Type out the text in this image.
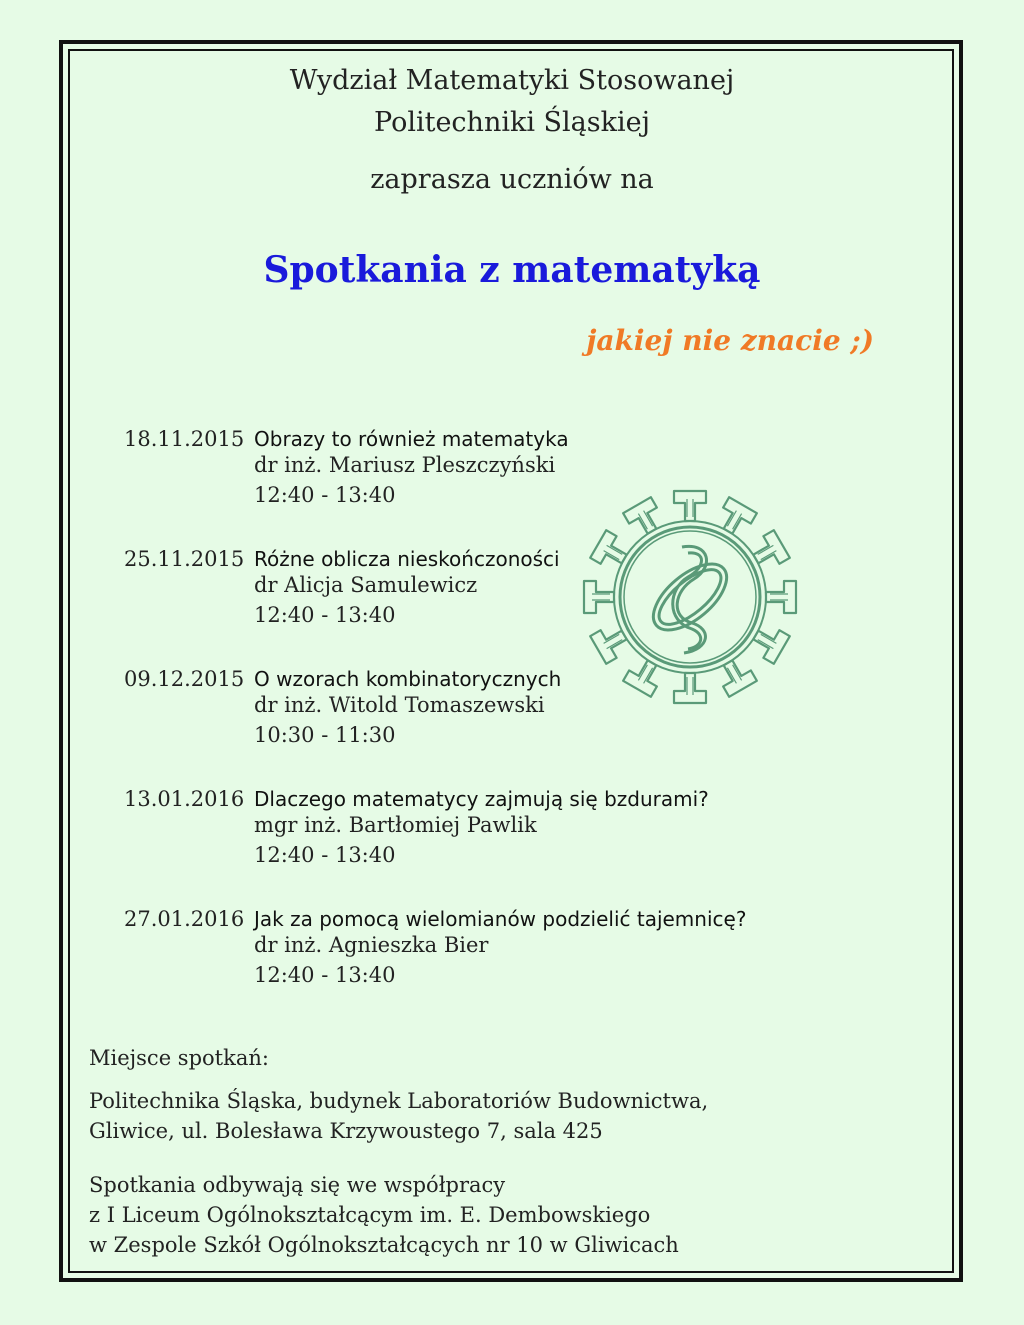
Wydział Matematyki Stosowanej
Politechniki Śląskiej
zaprasza uczniów na
Spotkania z matematyką
jakiej nie znacie ;)
18.11.2015 Obrazy to również matematyka
dr inż. Mariusz Pleszczyński
12:40 - 13:40
25.11.2015 Różne oblicza nieskończoności
dr Alicja Samulewicz
12:40 - 13:40
09.12.2015 O wzorach kombinatorycznych
dr inż. Witold Tomaszewski
10:30 - 11:30
13.01.2016 Dlaczego matematycy zajmują się bzdurami?
mgr inż. Bartłomiej Pawlik
12:40 - 13:40
27.01.2016 Jak za pomocą wielomianów podzielić tajemnicę?
dr inż. Agnieszka Bier
12:40 - 13:40
Miejsce spotkań:
Politechnika Śląska, budynek Laboratoriów Budownictwa,
Gliwice, ul. Bolesława Krzywoustego 7, sala 425
Spotkania odbywają się we współpracy
z I Liceum Ogólnokształcącym im. E. Dembowskiego
w Zespole Szkół Ogólnokształcących nr 10 w Gliwicach
